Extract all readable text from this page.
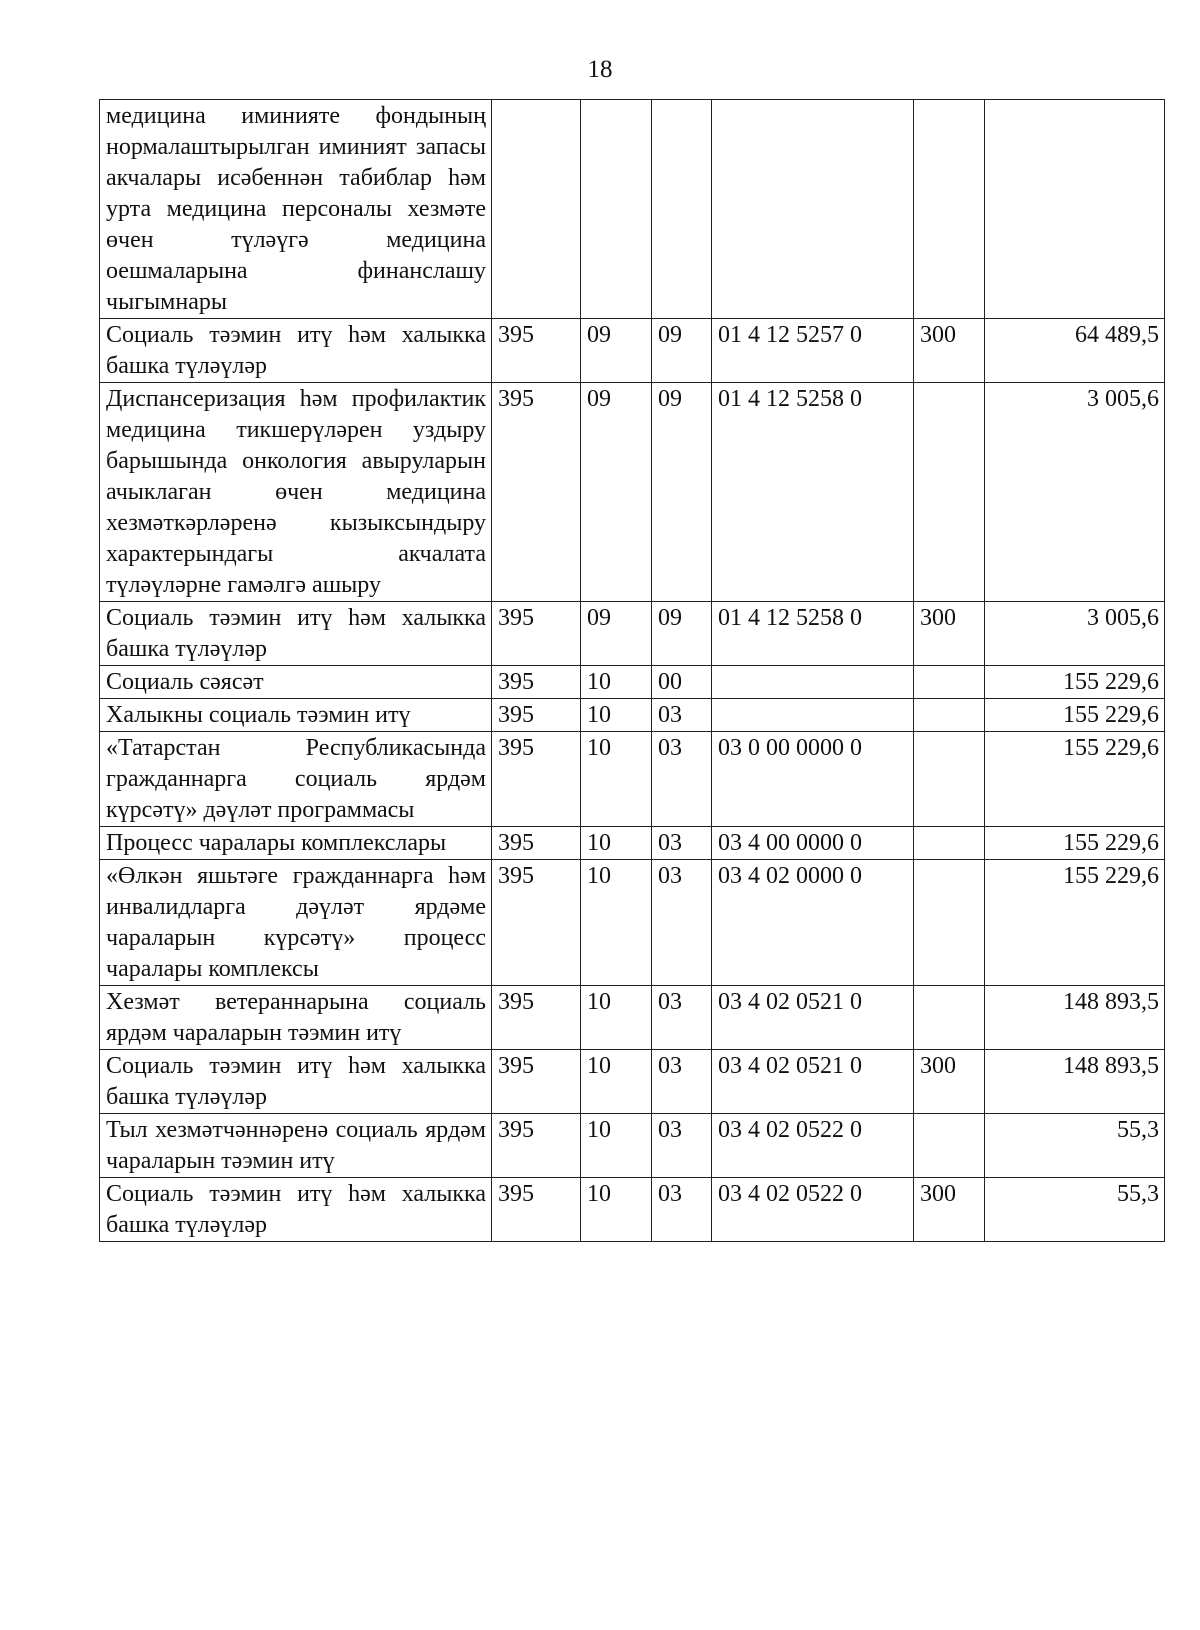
18
медицина иминияте фондының нормалаштырылган иминият запасы акчалары исәбеннән табиблар һәм урта медицина персоналы хезмәте өчен түләүгә медицина оешмаларына финанслашу чыгымнары						
Социаль тәэмин итү һәм халыкка башка түләүләр	395	09	09	01 4 12 5257 0	300	64 489,5
Диспансеризация һәм профилактик медицина тикшерүләрен уздыру барышында онкология авыруларын ачыклаган өчен медицина хезмәткәрләренә кызыксындыру характерындагы акчалата түләүләрне гамәлгә ашыру	395	09	09	01 4 12 5258 0		3 005,6
Социаль тәэмин итү һәм халыкка башка түләүләр	395	09	09	01 4 12 5258 0	300	3 005,6
Социаль сәясәт	395	10	00			155 229,6
Халыкны социаль тәэмин итү	395	10	03			155 229,6
«Татарстан Республикасында гражданнарга социаль ярдәм күрсәтү» дәүләт программасы	395	10	03	03 0 00 0000 0		155 229,6
Процесс чаралары комплекслары	395	10	03	03 4 00 0000 0		155 229,6
«Өлкән яшьтәге гражданнарга һәм инвалидларга дәүләт ярдәме чараларын күрсәтү» процесс чаралары комплексы	395	10	03	03 4 02 0000 0		155 229,6
Хезмәт ветераннарына социаль ярдәм чараларын тәэмин итү	395	10	03	03 4 02 0521 0		148 893,5
Социаль тәэмин итү һәм халыкка башка түләүләр	395	10	03	03 4 02 0521 0	300	148 893,5
Тыл хезмәтчәннәренә социаль ярдәм чараларын тәэмин итү	395	10	03	03 4 02 0522 0		55,3
Социаль тәэмин итү һәм халыкка башка түләүләр	395	10	03	03 4 02 0522 0	300	55,3
